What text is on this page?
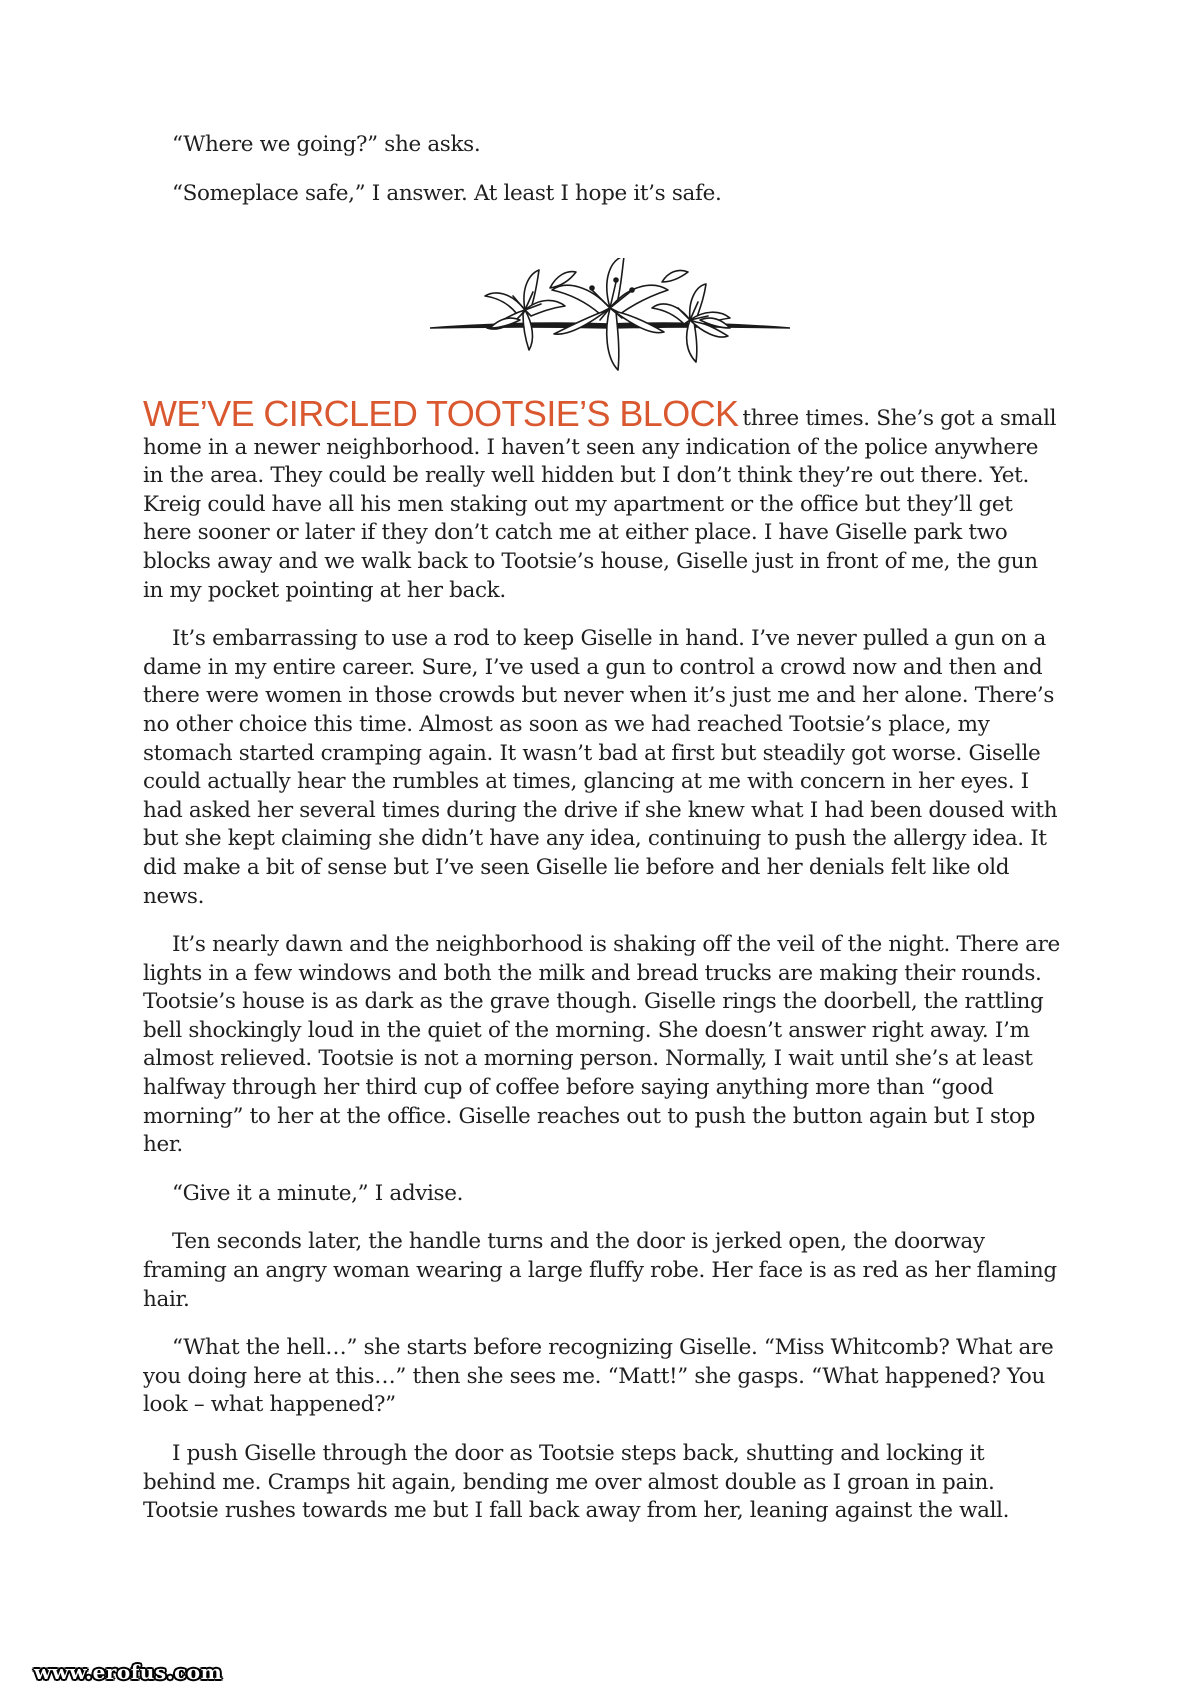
“Where we going?” she asks.

“Someplace safe,” I answer. At least I hope it’s safe.

WE’VE CIRCLED TOOTSIE’S BLOCK three times. She’s got a small home in a newer neighborhood. I haven’t seen any indication of the police anywhere in the area. They could be really well hidden but I don’t think they’re out there. Yet. Kreig could have all his men staking out my apartment or the office but they’ll get here sooner or later if they don’t catch me at either place. I have Giselle park two blocks away and we walk back to Tootsie’s house, Giselle just in front of me, the gun in my pocket pointing at her back.

It’s embarrassing to use a rod to keep Giselle in hand. I’ve never pulled a gun on a dame in my entire career. Sure, I’ve used a gun to control a crowd now and then and there were women in those crowds but never when it’s just me and her alone. There’s no other choice this time. Almost as soon as we had reached Tootsie’s place, my stomach started cramping again. It wasn’t bad at first but steadily got worse. Giselle could actually hear the rumbles at times, glancing at me with concern in her eyes. I had asked her several times during the drive if she knew what I had been doused with but she kept claiming she didn’t have any idea, continuing to push the allergy idea. It did make a bit of sense but I’ve seen Giselle lie before and her denials felt like old news.

It’s nearly dawn and the neighborhood is shaking off the veil of the night. There are lights in a few windows and both the milk and bread trucks are making their rounds. Tootsie’s house is as dark as the grave though. Giselle rings the doorbell, the rattling bell shockingly loud in the quiet of the morning. She doesn’t answer right away. I’m almost relieved. Tootsie is not a morning person. Normally, I wait until she’s at least halfway through her third cup of coffee before saying anything more than “good morning” to her at the office. Giselle reaches out to push the button again but I stop her.

“Give it a minute,” I advise.

Ten seconds later, the handle turns and the door is jerked open, the doorway framing an angry woman wearing a large fluffy robe. Her face is as red as her flaming hair.

“What the hell…” she starts before recognizing Giselle. “Miss Whitcomb? What are you doing here at this…” then she sees me. “Matt!” she gasps. “What happened? You look – what happened?”

I push Giselle through the door as Tootsie steps back, shutting and locking it behind me. Cramps hit again, bending me over almost double as I groan in pain. Tootsie rushes towards me but I fall back away from her, leaning against the wall.

www.erofus.com
